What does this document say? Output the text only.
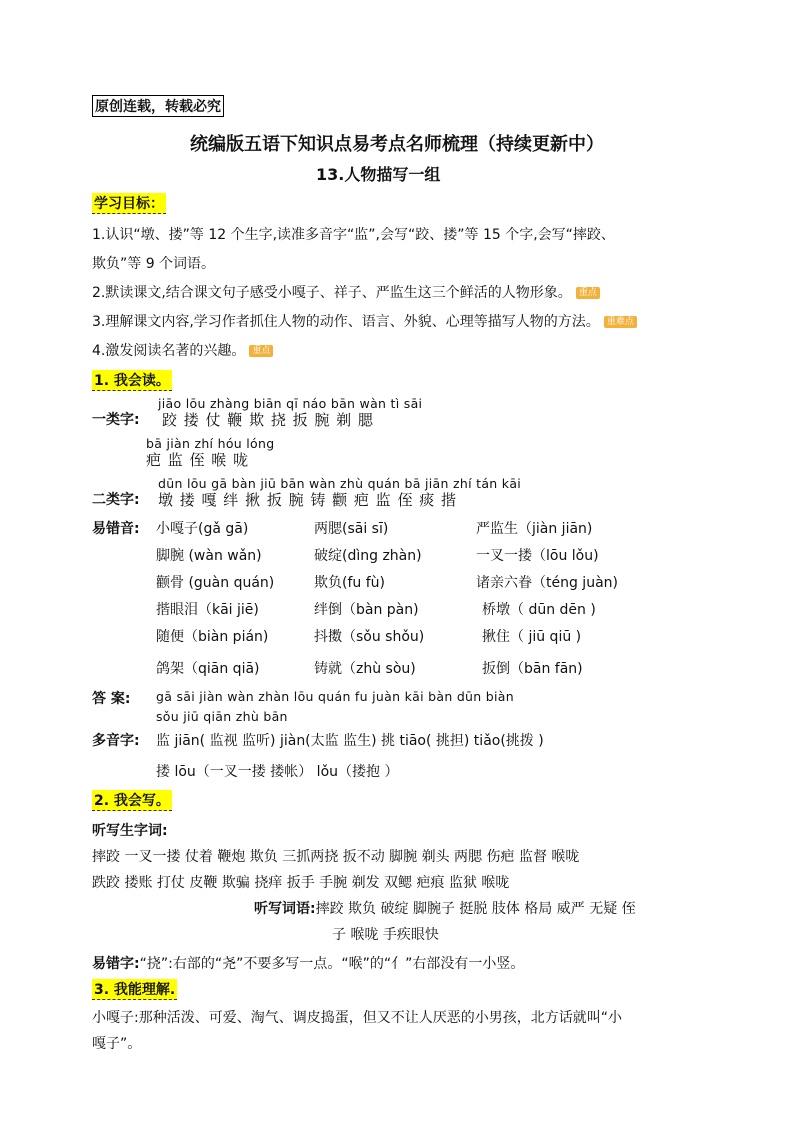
原创连载，转载必究
统编版五语下知识点易考点名师梳理（持续更新中）
13.人物描写一组
学习目标：
1.认识“墩、搂”等 12 个生字,读准多音字“监”,会写“跤、搂”等 15 个字,会写“摔跤、
欺负”等 9 个词语。
2.默读课文,结合课文句子感受小嘎子、祥子、严监生这三个鲜活的人物形象。 重点
3.理解课文内容,学习作者抓住人物的动作、语言、外貌、心理等描写人物的方法。 重难点
4.激发阅读名著的兴趣。 重点
1. 我会读。
jiāo lōu zhàng biān qī náo bān wàn tì sāi
一类字: 跤 搂 仗 鞭 欺 挠 扳 腕 剃 腮
bā jiàn zhí hóu lóng
疤 监 侄 喉 咙
dūn lōu gā bàn jiū bān wàn zhù quán bā jiān zhí tán kāi
二类字: 墩 搂 嘎 绊 揪 扳 腕 铸 颧 疤 监 侄 痰 揩
易错音: 小嘎子(gǎ gā)	两腮(sāi sī)	严监生（jiàn jiān)
脚腕 (wàn wǎn)	破绽(dìng zhàn)	一叉一搂（lōu lǒu)
颧骨 (guàn quán)	欺负(fu fù)	诸亲六眷（téng juàn)
揩眼泪（kāi jiē)	绊倒（bàn pàn)	桥墩（ dūn dēn )
随便（biàn pián)	抖擞（sǒu shǒu)	揪住（ jiū qiū )
鸽架（qiān qiā)	铸就（zhù sòu)	扳倒（bān fān)
答 案: gā sāi jiàn wàn zhàn lōu quán fu juàn kāi bàn dūn biàn
sǒu jiū qiān zhù bān
多音字: 监 jiān( 监视 监听) jiàn(太监 监生) 挑 tiāo( 挑担) tiǎo(挑拨 )
搂 lōu（一叉一搂 搂帐） lǒu（搂抱 ）
2. 我会写。
听写生字词:
摔跤 一叉一搂 仗着 鞭炮 欺负 三抓两挠 扳不动 脚腕 剃头 两腮 伤疤 监督 喉咙
跌跤 搂账 打仗 皮鞭 欺骗 挠痒 扳手 手腕 剃发 双鳃 疤痕 监狱 喉咙
听写词语:摔跤 欺负 破绽 脚腕子 挺脱 肢体 格局 威严 无疑 侄
子 喉咙 手疾眼快
易错字:“挠”:右部的“尧”不要多写一点。“喉”的“亻”右部没有一小竖。
3. 我能理解.
小嘎子:那种活泼、可爱、淘气、调皮捣蛋，但又不让人厌恶的小男孩，北方话就叫“小
嘎子”。
